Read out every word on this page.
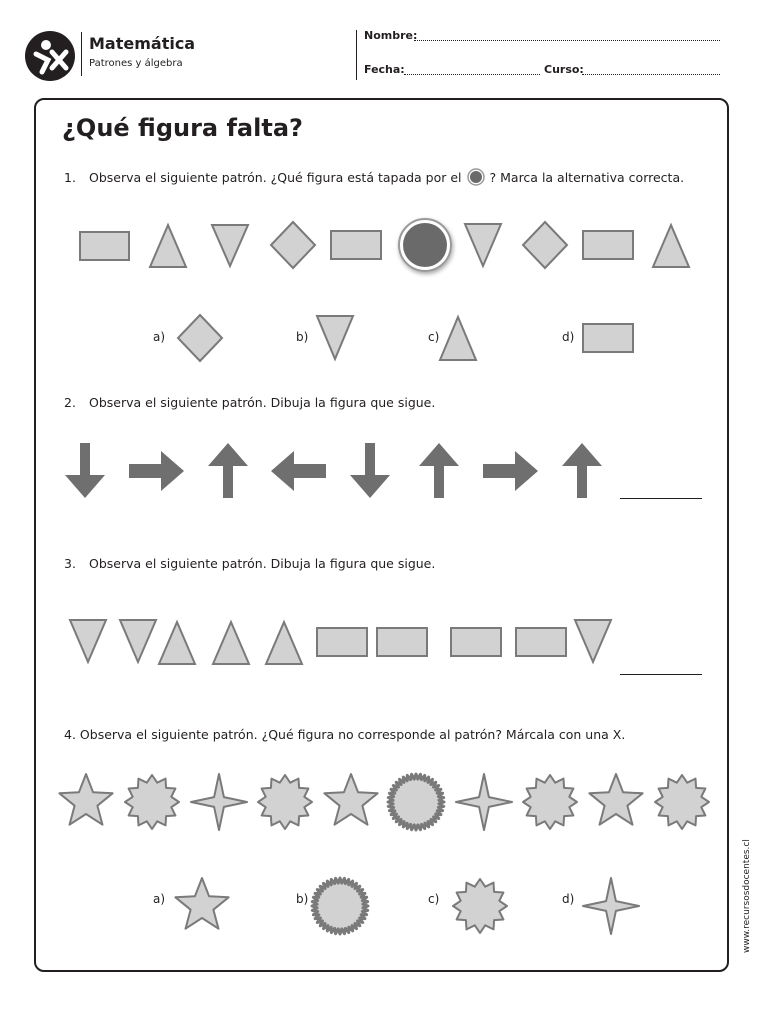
Matemática
Patrones y álgebra
Nombre:
Fecha:	Curso:
¿Qué figura falta?
1. Observa el siguiente patrón. ¿Qué figura está tapada por el ? Marca la alternativa correcta.
a)	b)	c)	d)
2. Observa el siguiente patrón. Dibuja la figura que sigue.
3. Observa el siguiente patrón. Dibuja la figura que sigue.
4. Observa el siguiente patrón. ¿Qué figura no corresponde al patrón? Márcala con una X.
a)	b)	c)	d)	www.recursosdocentes.cl
